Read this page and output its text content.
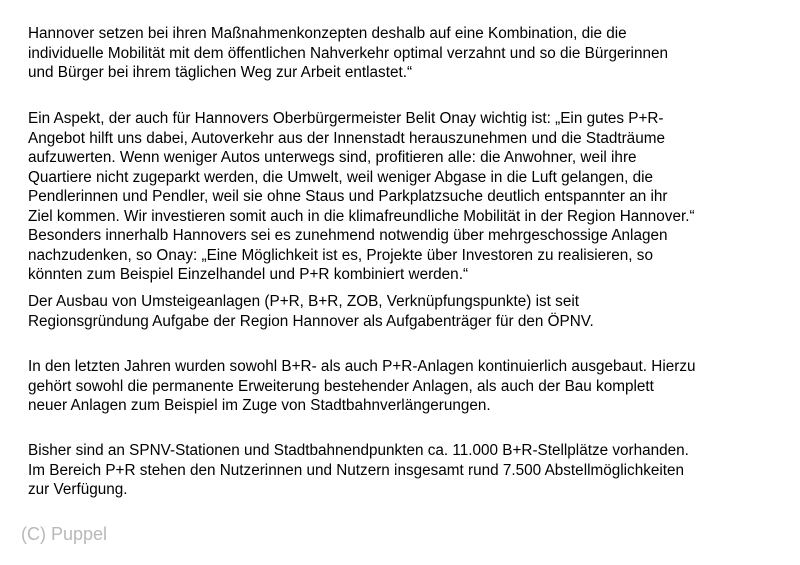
Hannover setzen bei ihren Maßnahmenkonzepten deshalb auf eine Kombination, die die
individuelle Mobilität mit dem öffentlichen Nahverkehr optimal verzahnt und so die Bürgerinnen
und Bürger bei ihrem täglichen Weg zur Arbeit entlastet.“

Ein Aspekt, der auch für Hannovers Oberbürgermeister Belit Onay wichtig ist: „Ein gutes P+R-
Angebot hilft uns dabei, Autoverkehr aus der Innenstadt herauszunehmen und die Stadträume
aufzuwerten. Wenn weniger Autos unterwegs sind, profitieren alle: die Anwohner, weil ihre
Quartiere nicht zugeparkt werden, die Umwelt, weil weniger Abgase in die Luft gelangen, die
Pendlerinnen und Pendler, weil sie ohne Staus und Parkplatzsuche deutlich entspannter an ihr
Ziel kommen. Wir investieren somit auch in die klimafreundliche Mobilität in der Region Hannover.“
Besonders innerhalb Hannovers sei es zunehmend notwendig über mehrgeschossige Anlagen
nachzudenken, so Onay: „Eine Möglichkeit ist es, Projekte über Investoren zu realisieren, so
könnten zum Beispiel Einzelhandel und P+R kombiniert werden.“

Der Ausbau von Umsteigeanlagen (P+R, B+R, ZOB, Verknüpfungspunkte) ist seit
Regionsgründung Aufgabe der Region Hannover als Aufgabenträger für den ÖPNV.

In den letzten Jahren wurden sowohl B+R- als auch P+R-Anlagen kontinuierlich ausgebaut. Hierzu
gehört sowohl die permanente Erweiterung bestehender Anlagen, als auch der Bau komplett
neuer Anlagen zum Beispiel im Zuge von Stadtbahnverlängerungen.

Bisher sind an SPNV-Stationen und Stadtbahnendpunkten ca. 11.000 B+R-Stellplätze vorhanden.
Im Bereich P+R stehen den Nutzerinnen und Nutzern insgesamt rund 7.500 Abstellmöglichkeiten
zur Verfügung.

(C) Puppel
